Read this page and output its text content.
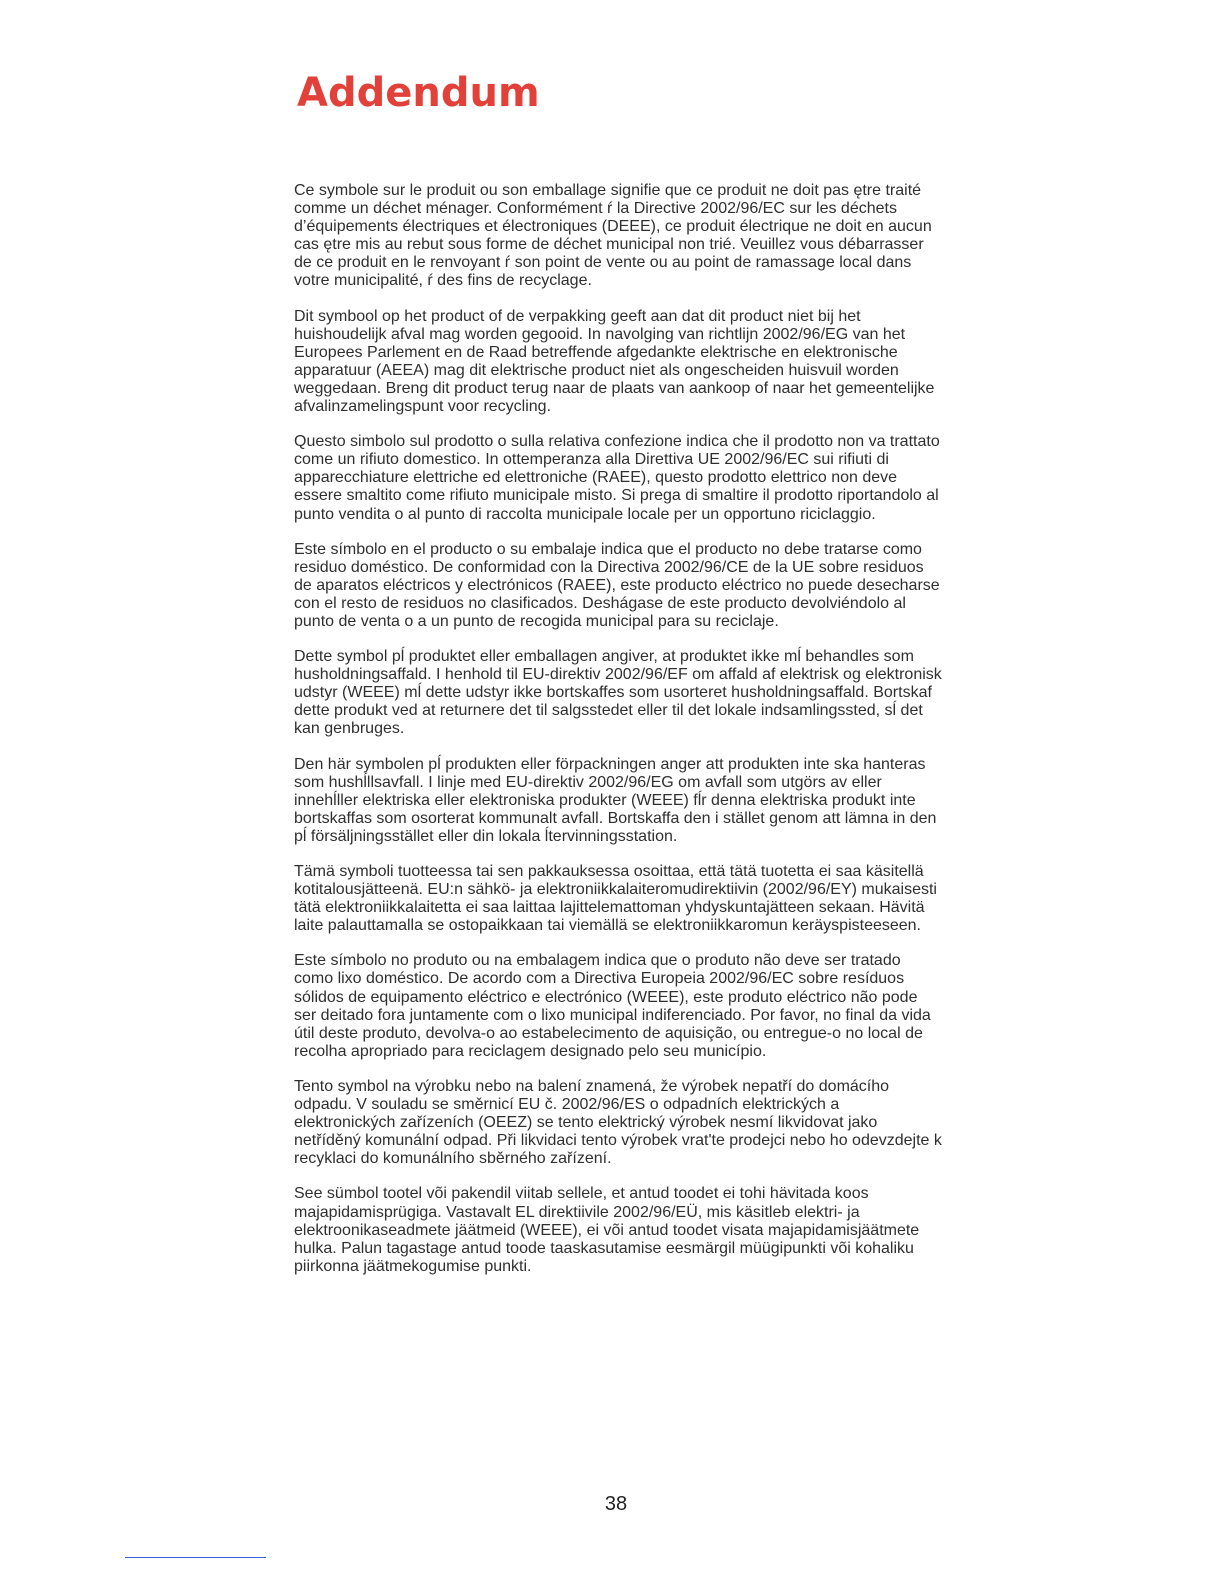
Addendum

Ce symbole sur le produit ou son emballage signifie que ce produit ne doit pas ętre traité comme un déchet ménager. Conformément ŕ la Directive 2002/96/EC sur les déchets d’équipements électriques et électroniques (DEEE), ce produit électrique ne doit en aucun cas ętre mis au rebut sous forme de déchet municipal non trié. Veuillez vous débarrasser de ce produit en le renvoyant ŕ son point de vente ou au point de ramassage local dans votre municipalité, ŕ des fins de recyclage.

Dit symbool op het product of de verpakking geeft aan dat dit product niet bij het huishoudelijk afval mag worden gegooid. In navolging van richtlijn 2002/96/EG van het Europees Parlement en de Raad betreffende afgedankte elektrische en elektronische apparatuur (AEEA) mag dit elektrische product niet als ongescheiden huisvuil worden weggedaan. Breng dit product terug naar de plaats van aankoop of naar het gemeentelijke afvalinzamelingspunt voor recycling.

Questo simbolo sul prodotto o sulla relativa confezione indica che il prodotto non va trattato come un rifiuto domestico. In ottemperanza alla Direttiva UE 2002/96/EC sui rifiuti di apparecchiature elettriche ed elettroniche (RAEE), questo prodotto elettrico non deve essere smaltito come rifiuto municipale misto. Si prega di smaltire il prodotto riportandolo al punto vendita o al punto di raccolta municipale locale per un opportuno riciclaggio.

Este símbolo en el producto o su embalaje indica que el producto no debe tratarse como residuo doméstico. De conformidad con la Directiva 2002/96/CE de la UE sobre residuos de aparatos eléctricos y electrónicos (RAEE), este producto eléctrico no puede desecharse con el resto de residuos no clasificados. Deshágase de este producto devolviéndolo al punto de venta o a un punto de recogida municipal para su reciclaje.

Dette symbol pĺ produktet eller emballagen angiver, at produktet ikke mĺ behandles som husholdningsaffald. I henhold til EU-direktiv 2002/96/EF om affald af elektrisk og elektronisk udstyr (WEEE) mĺ dette udstyr ikke bortskaffes som usorteret husholdningsaffald. Bortskaf dette produkt ved at returnere det til salgsstedet eller til det lokale indsamlingssted, sĺ det kan genbruges.

Den här symbolen pĺ produkten eller förpackningen anger att produkten inte ska hanteras som hushĺllsavfall. I linje med EU-direktiv 2002/96/EG om avfall som utgörs av eller innehĺller elektriska eller elektroniska produkter (WEEE) fĺr denna elektriska produkt inte bortskaffas som osorterat kommunalt avfall. Bortskaffa den i stället genom att lämna in den pĺ försäljningsstället eller din lokala ĺtervinningsstation.

Tämä symboli tuotteessa tai sen pakkauksessa osoittaa, että tätä tuotetta ei saa käsitellä kotitalousjätteenä. EU:n sähkö- ja elektroniikkalaiteromudirektiivin (2002/96/EY) mukaisesti tätä elektroniikkalaitetta ei saa laittaa lajittelemattoman yhdyskuntajätteen sekaan. Hävitä laite palauttamalla se ostopaikkaan tai viemällä se elektroniikkaromun keräyspisteeseen.

Este símbolo no produto ou na embalagem indica que o produto não deve ser tratado como lixo doméstico. De acordo com a Directiva Europeia 2002/96/EC sobre resíduos sólidos de equipamento eléctrico e electrónico (WEEE), este produto eléctrico não pode ser deitado fora juntamente com o lixo municipal indiferenciado. Por favor, no final da vida útil deste produto, devolva-o ao estabelecimento de aquisição, ou entregue-o no local de recolha apropriado para reciclagem designado pelo seu município.

Tento symbol na výrobku nebo na balení znamená, že výrobek nepatří do domácího odpadu. V souladu se směrnicí EU č. 2002/96/ES o odpadních elektrických a elektronických zařízeních (OEEZ) se tento elektrický výrobek nesmí likvidovat jako netříděný komunální odpad. Při likvidaci tento výrobek vrat'te prodejci nebo ho odevzdejte k recyklaci do komunálního sběrného zařízení.

See sümbol tootel või pakendil viitab sellele, et antud toodet ei tohi hävitada koos majapidamisprügiga. Vastavalt EL direktiivile 2002/96/EÜ, mis käsitleb elektri- ja elektroonikaseadmete jäätmeid (WEEE), ei või antud toodet visata majapidamisjäätmete hulka. Palun tagastage antud toode taaskasutamise eesmärgil müügipunkti või kohaliku piirkonna jäätmekogumise punkti.

38
